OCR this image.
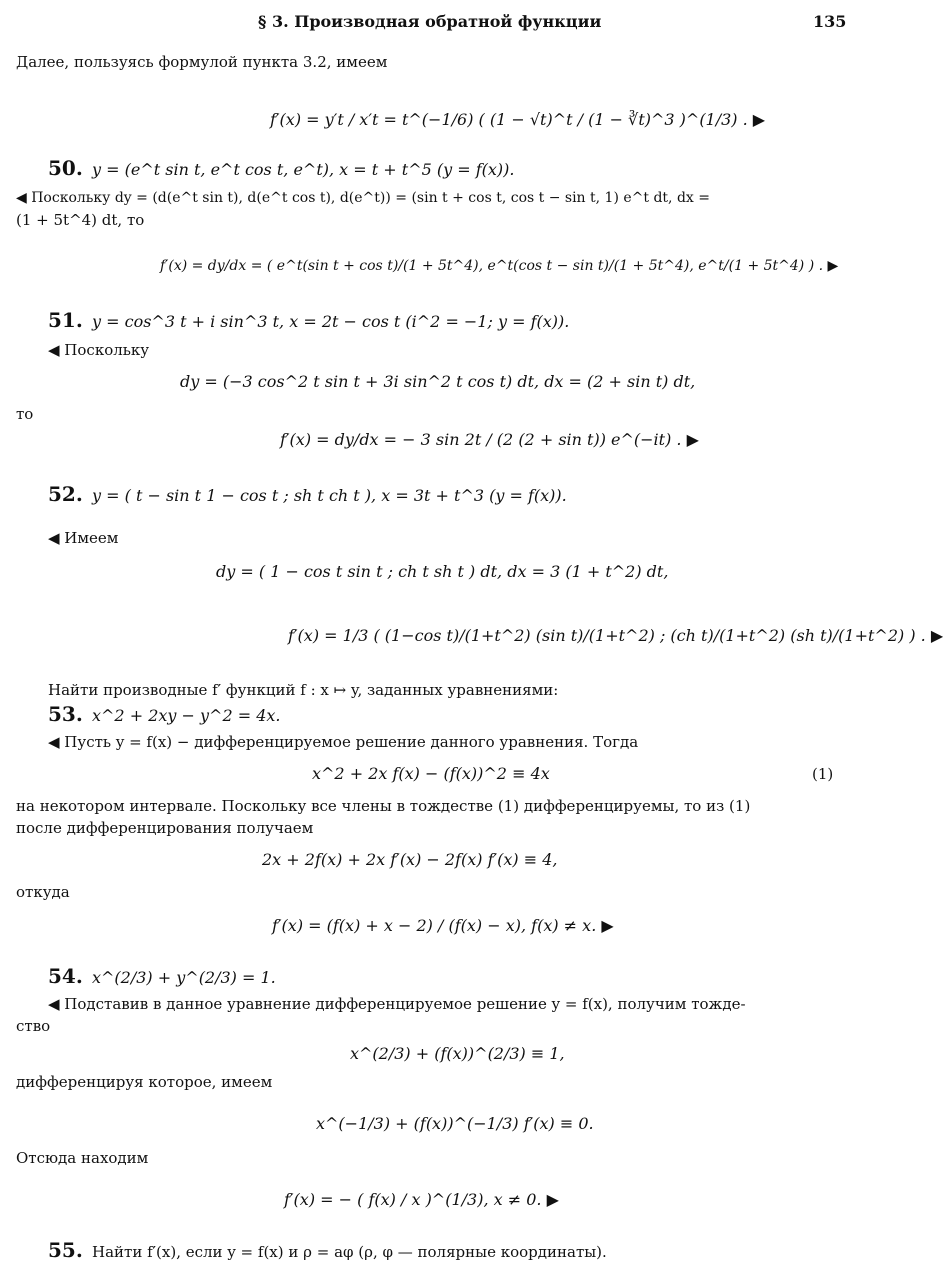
§ 3. Производная обратной функции	135
Далее, пользуясь формулой пункта 3.2, имеем
f′(x) = y′t / x′t = t^(−1/6) ( (1 − √t)^t / (1 − ∛t)^3 )^(1/3) . ▶
50. y = (e^t sin t, e^t cos t, e^t), x = t + t^5 (y = f(x)).
◀ Поскольку dy = (d(e^t sin t), d(e^t cos t), d(e^t)) = (sin t + cos t, cos t − sin t, 1) e^t dt, dx =
(1 + 5t^4) dt, то
f′(x) = dy/dx = ( e^t(sin t + cos t)/(1 + 5t^4), e^t(cos t − sin t)/(1 + 5t^4), e^t/(1 + 5t^4) ) . ▶
51. y = cos^3 t + i sin^3 t, x = 2t − cos t (i^2 = −1; y = f(x)).
◀ Поскольку
dy = (−3 cos^2 t sin t + 3i sin^2 t cos t) dt, dx = (2 + sin t) dt,
то
f′(x) = dy/dx = − 3 sin 2t / (2 (2 + sin t)) e^(−it) . ▶
52. y = ( t − sin t 1 − cos t ; sh t ch t ), x = 3t + t^3 (y = f(x)).
◀ Имеем
dy = ( 1 − cos t sin t ; ch t sh t ) dt, dx = 3 (1 + t^2) dt,
f′(x) = 1/3 ( (1−cos t)/(1+t^2) (sin t)/(1+t^2) ; (ch t)/(1+t^2) (sh t)/(1+t^2) ) . ▶
Найти производные f′ функций f : x ↦ y, заданных уравнениями:
53. x^2 + 2xy − y^2 = 4x.
◀ Пусть y = f(x) − дифференцируемое решение данного уравнения. Тогда
x^2 + 2x f(x) − (f(x))^2 ≡ 4x	(1)
на некотором интервале. Поскольку все члены в тождестве (1) дифференцируемы, то из (1)
после дифференцирования получаем
2x + 2f(x) + 2x f′(x) − 2f(x) f′(x) ≡ 4,
откуда
f′(x) = (f(x) + x − 2) / (f(x) − x), f(x) ≠ x. ▶
54. x^(2/3) + y^(2/3) = 1.
◀ Подставив в данное уравнение дифференцируемое решение y = f(x), получим тожде-
ство
x^(2/3) + (f(x))^(2/3) ≡ 1,
дифференцируя которое, имеем
x^(−1/3) + (f(x))^(−1/3) f′(x) ≡ 0.
Отсюда находим
f′(x) = − ( f(x) / x )^(1/3), x ≠ 0. ▶
55. Найти f′(x), если y = f(x) и ρ = aφ (ρ, φ — полярные координаты).
